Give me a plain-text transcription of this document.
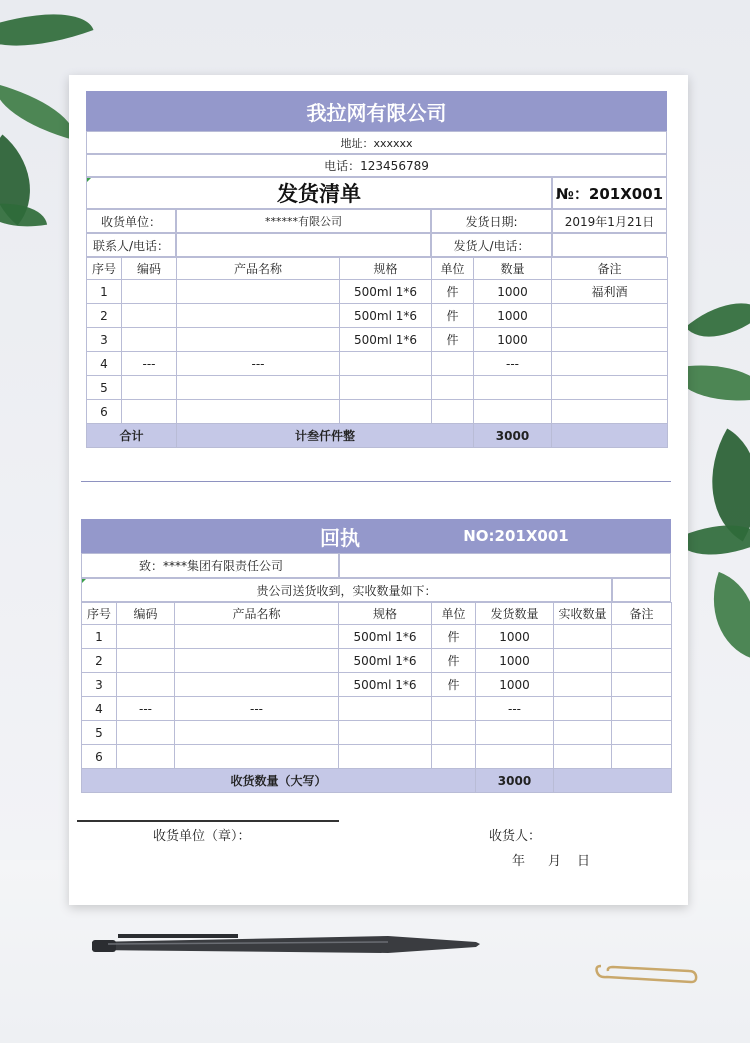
我拉网有限公司
地址：xxxxxx
电话：123456789
发货清单	№：201X001
收货单位：	******有限公司	发货日期:	2019年1月21日
联系人/电话：	发货人/电话：
序号	编码	产品名称	规格	单位	数量	备注
1			500ml 1*6	件	1000	福利酒
2			500ml 1*6	件	1000	
3			500ml 1*6	件	1000	
4	---	---			---	
5						
6						
合计		计叁仟件整			3000	
回执	NO:201X001
致：****集团有限责任公司
贵公司送货收到，实收数量如下：
序号	编码	产品名称	规格	单位	发货数量	实收数量	备注
1			500ml 1*6	件	1000		
2			500ml 1*6	件	1000		
3			500ml 1*6	件	1000		
4	---	---			---		
5							
6							
收货数量（大写）					3000		
收货单位（章）：	收货人：
年 月 日
